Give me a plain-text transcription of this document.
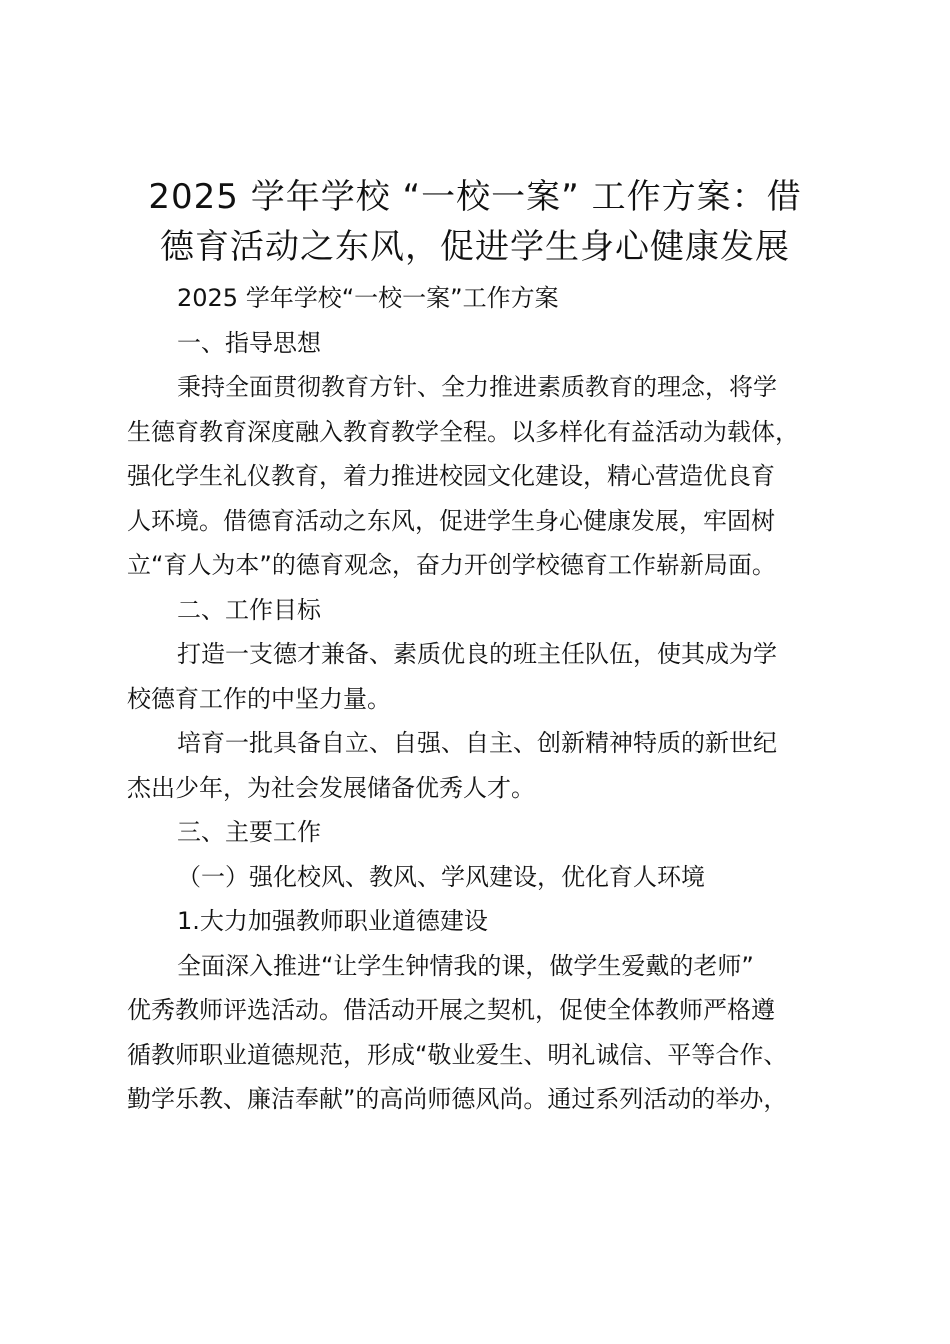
2025 学年学校 “一校一案” 工作方案：借
德育活动之东风，促进学生身心健康发展
2025 学年学校“一校一案”工作方案
一、指导思想
秉持全面贯彻教育方针、全力推进素质教育的理念，将学
生德育教育深度融入教育教学全程。以多样化有益活动为载体，
强化学生礼仪教育，着力推进校园文化建设，精心营造优良育
人环境。借德育活动之东风，促进学生身心健康发展，牢固树
立“育人为本”的德育观念，奋力开创学校德育工作崭新局面。
二、工作目标
打造一支德才兼备、素质优良的班主任队伍，使其成为学
校德育工作的中坚力量。
培育一批具备自立、自强、自主、创新精神特质的新世纪
杰出少年，为社会发展储备优秀人才。
三、主要工作
（一）强化校风、教风、学风建设，优化育人环境
1.大力加强教师职业道德建设
全面深入推进“让学生钟情我的课，做学生爱戴的老师”
优秀教师评选活动。借活动开展之契机，促使全体教师严格遵
循教师职业道德规范，形成“敬业爱生、明礼诚信、平等合作、
勤学乐教、廉洁奉献”的高尚师德风尚。通过系列活动的举办，
